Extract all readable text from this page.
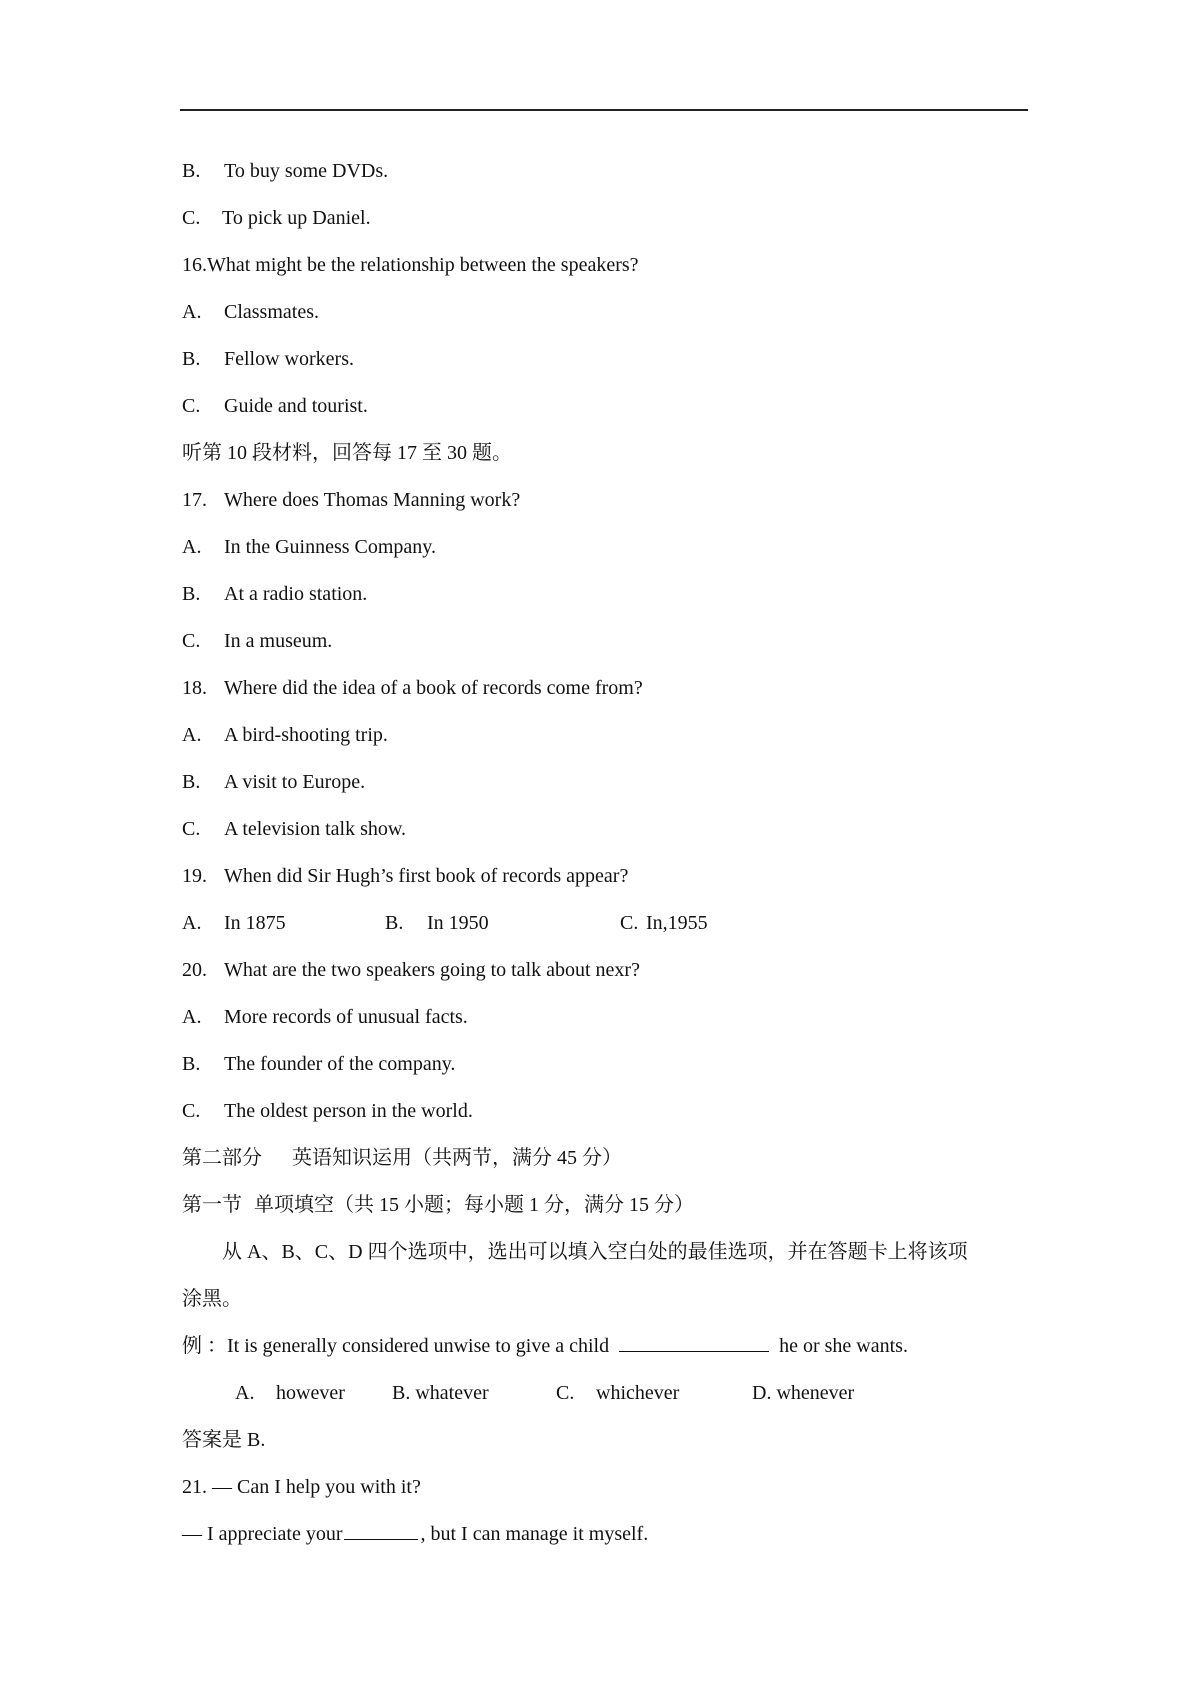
B. To buy some DVDs.
C. To pick up Daniel.
16.What might be the relationship between the speakers?
A. Classmates.
B. Fellow workers.
C. Guide and tourist.
听第 10 段材料，回答每 17 至 30 题。
17. Where does Thomas Manning work?
A. In the Guinness Company.
B. At a radio station.
C. In a museum.
18. Where did the idea of a book of records come from?
A. A bird-shooting trip.
B. A visit to Europe.
C. A television talk show.
19. When did Sir Hugh’s first book of records appear?
A. In 1875	B. In 1950	C. In,1955
20. What are the two speakers going to talk about nexr?
A. More records of unusual facts.
B. The founder of the company.
C. The oldest person in the world.
第二部分 英语知识运用（共两节，满分 45 分）
第一节 单项填空（共 15 小题；每小题 1 分，满分 15 分）
从 A、B、C、D 四个选项中，选出可以填入空白处的最佳选项，并在答题卡上将该项
涂黑。
例 ：It is generally considered unwise to give a child	he or she wants.
A. however B. whatever	C. whichever	D. whenever
答案是 B.
21. — Can I help you with it?
— I appreciate your	, but I can manage it myself.
